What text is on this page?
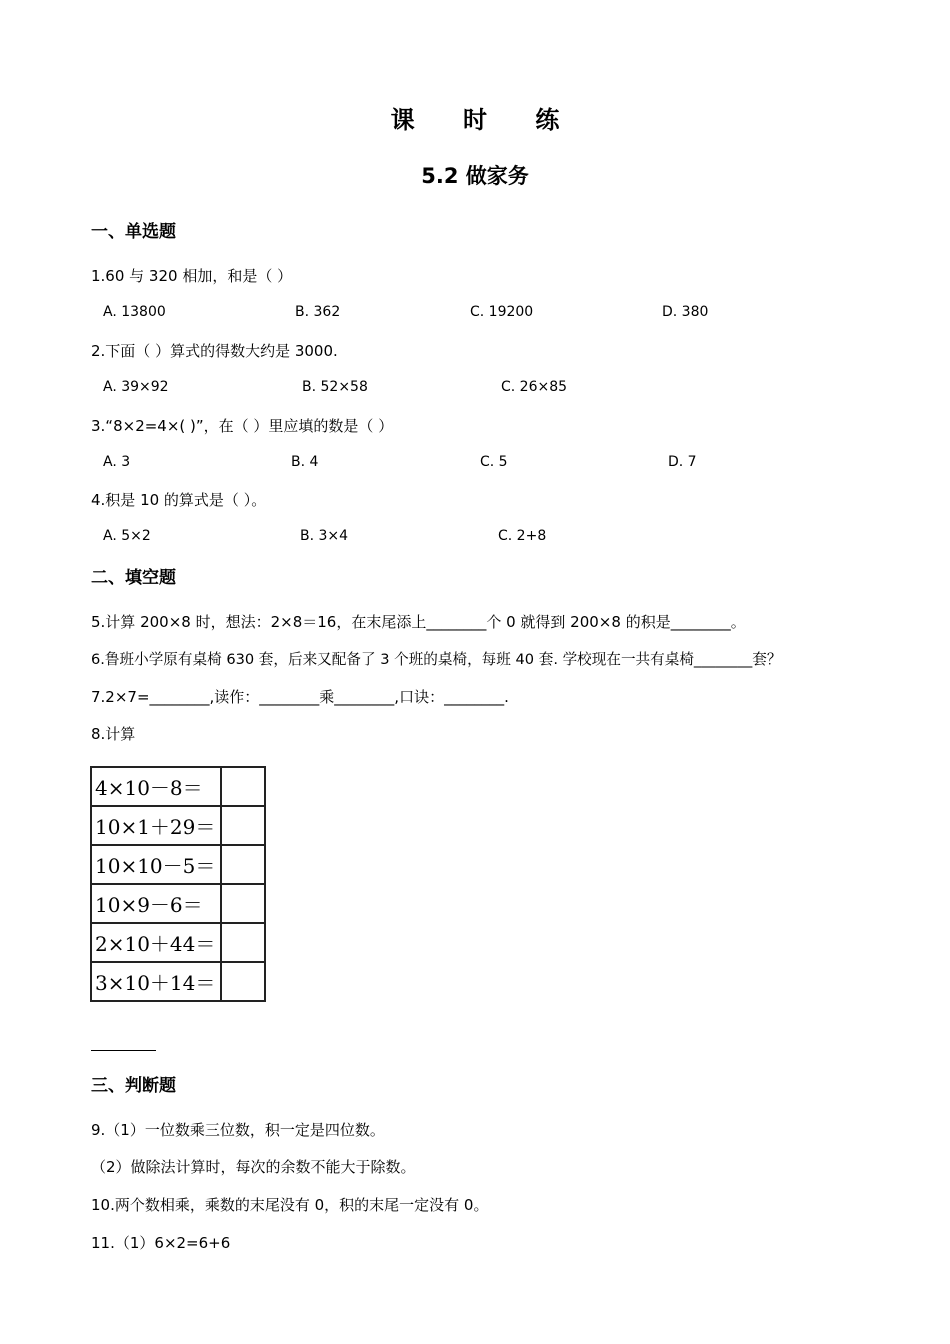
课 时 练
5.2 做家务
一、单选题
1.60 与 320 相加，和是（ ）
A. 13800	B. 362	C. 19200	D. 380
2.下面（ ）算式的得数大约是 3000.
A. 39×92	B. 52×58	C. 26×85
3.“8×2=4×( )”，在（ ）里应填的数是（ ）
A. 3	B. 4	C. 5	D. 7
4.积是 10 的算式是（ ）。
A. 5×2	B. 3×4	C. 2+8
二、填空题
5.计算 200×8 时，想法：2×8＝16，在末尾添上________个 0 就得到 200×8 的积是________。
6.鲁班小学原有桌椅 630 套，后来又配备了 3 个班的桌椅，每班 40 套. 学校现在一共有桌椅________套？
7.2×7=________,读作：________乘________,口诀：________.
8.计算
4×10－8＝	
10×1＋29＝	
10×10－5＝	
10×9－6＝	
2×10＋44＝	
3×10＋14＝	
三、判断题
9.（1）一位数乘三位数，积一定是四位数。
（2）做除法计算时，每次的余数不能大于除数。
10.两个数相乘，乘数的末尾没有 0，积的末尾一定没有 0。
11.（1）6×2=6+6
